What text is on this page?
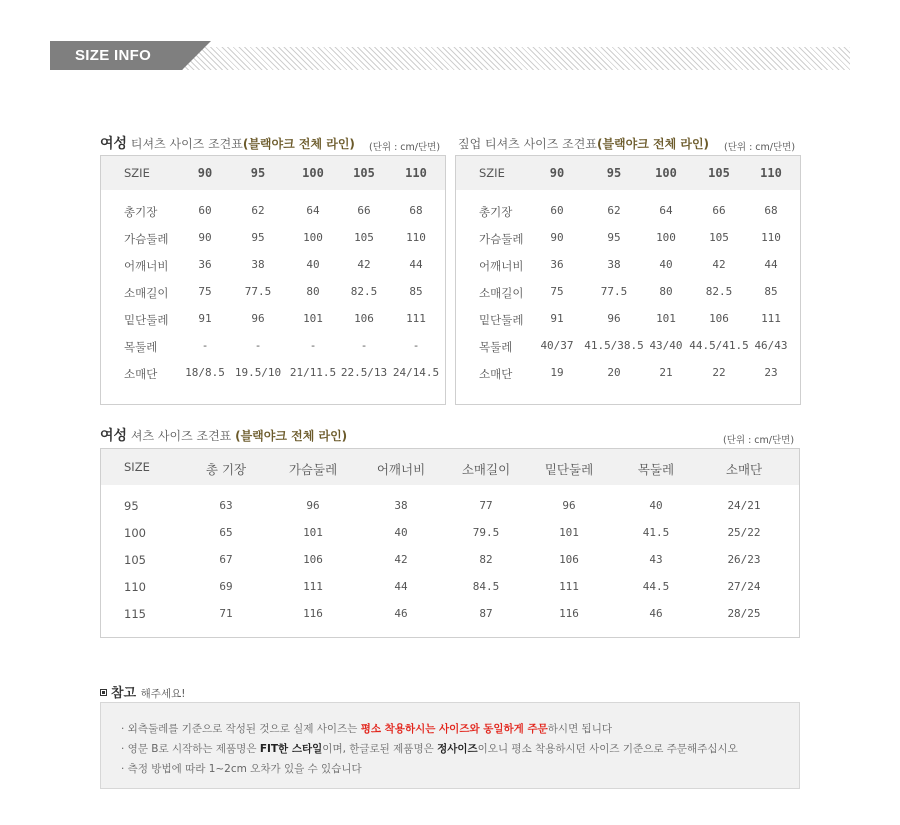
SIZE INFO
여성 티셔츠 사이즈 조견표(블랙야크 전체 라인) (단위 : cm/단면)
SZIE	90	95	100 105	110
총기장	60	62	64	66	68
가슴둘레	90	95	100	105	110
어깨너비	36	38	40	42	44
소매길이	75	77.5	80	82.5	85
밑단둘레	91	96	101	106	111
목둘레	-	-	-	-	-
소매단	18/8.5 19.5/10 21/11.5 22.5/13 24/14.5
짚업 티셔츠 사이즈 조견표(블랙야크 전체 라인) (단위 : cm/단면)
SZIE	90	95	100	105	110
총기장	60	62	64	66	68
가슴둘레 90	95	100	105	110
어깨너비 36	38	40	42	44
소매길이 75	77.5	80	82.5	85
밑단둘레 91	96	101	106	111
목둘레	40/37 41.5/38.5 43/40 44.5/41.5 46/43
소매단	19	20	21	22	23
여성 셔츠 사이즈 조견표 (블랙야크 전체 라인)	(단위 : cm/단면)
SIZE	총 기장	가슴둘레	어깨너비	소매길이	밑단둘레	목둘레	소매단
95	63	96	38	77	96	40	24/21
100	65	101	40	79.5	101	41.5	25/22
105	67	106	42	82	106	43	26/23
110	69	111	44	84.5	111	44.5	27/24
115	71	116	46	87	116	46	28/25
참고 해주세요!
· 외측둘레를 기준으로 작성된 것으로 실제 사이즈는 평소 착용하시는 사이즈와 동일하게 주문하시면 됩니다
· 영문 B로 시작하는 제품명은 FIT한 스타일이며, 한글로된 제품명은 정사이즈이오니 평소 착용하시던 사이즈 기준으로 주문해주십시오
· 측정 방법에 따라 1~2cm 오차가 있을 수 있습니다
